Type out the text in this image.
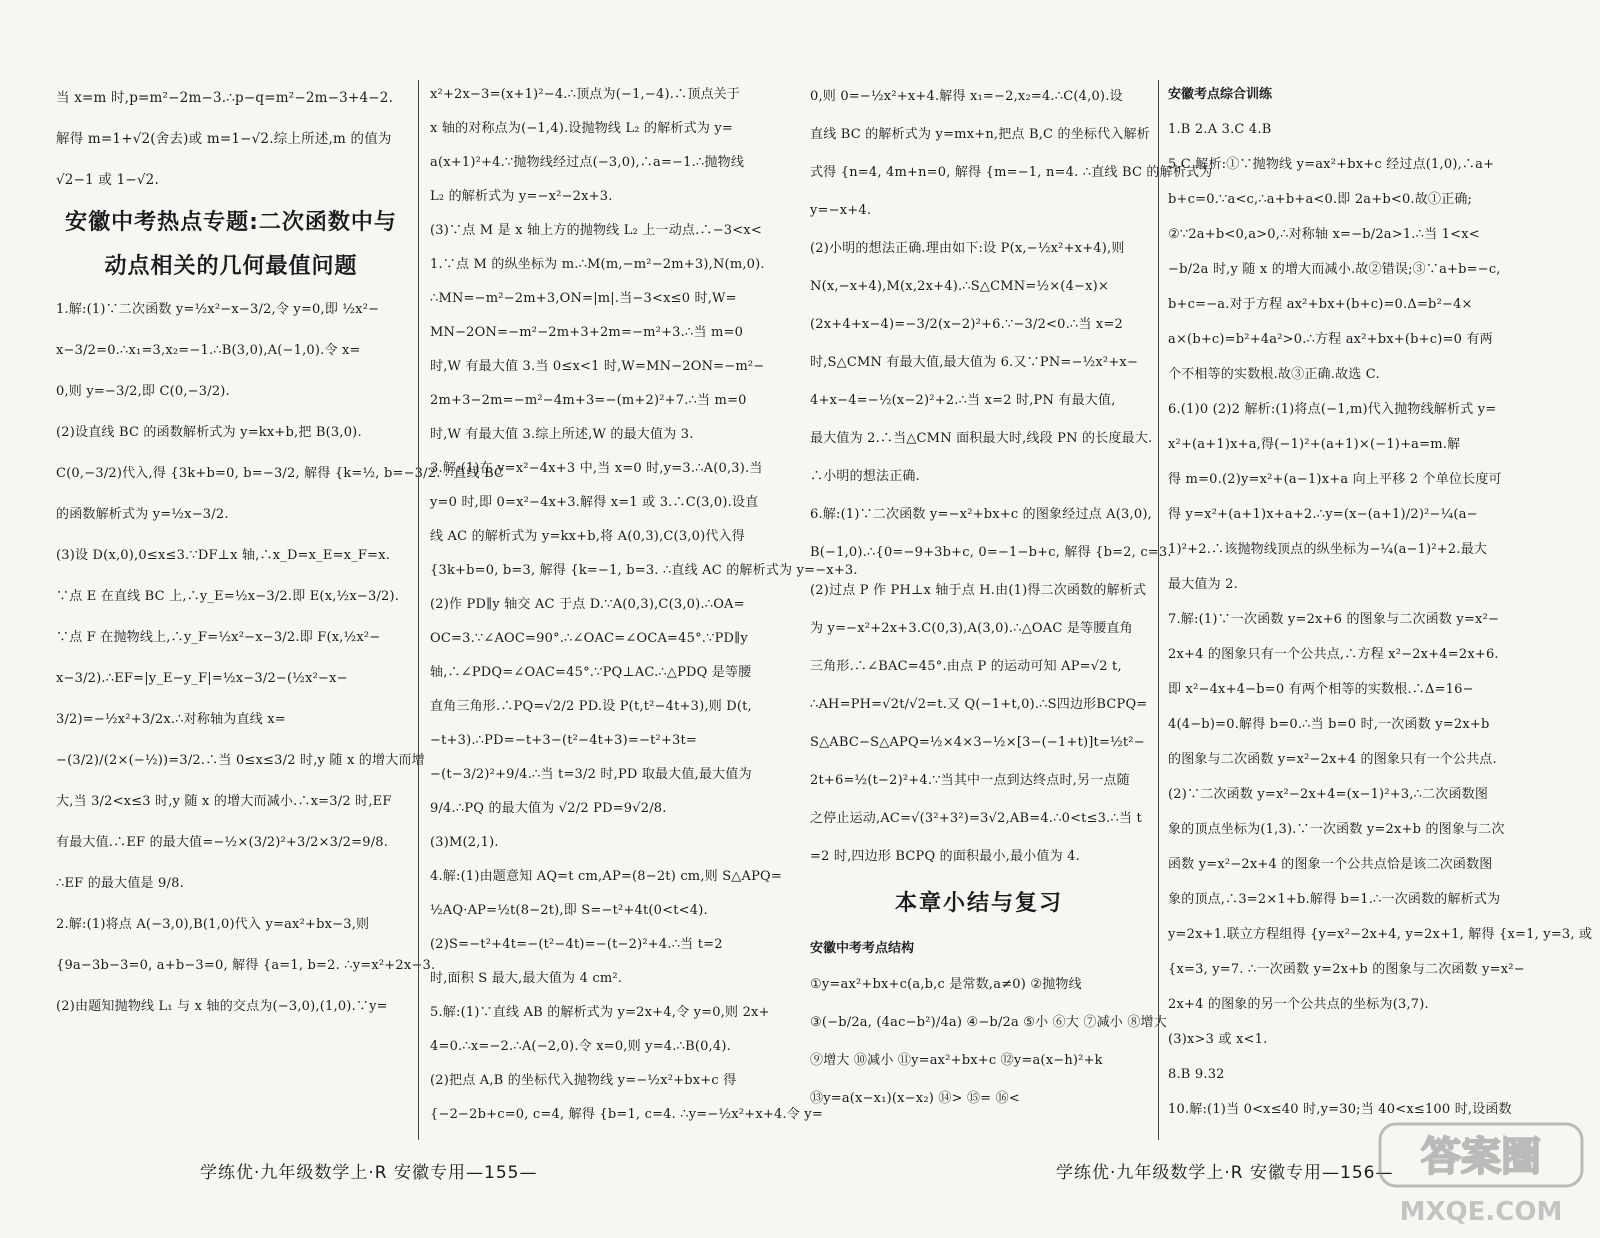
当 x=m 时,p=m²−2m−3.∴p−q=m²−2m−3+4−2.
解得 m=1+√2(舍去)或 m=1−√2.综上所述,m 的值为
√2−1 或 1−√2.
安徽中考热点专题:二次函数中与
动点相关的几何最值问题
1.解:(1)∵二次函数 y=½x²−x−3/2,令 y=0,即 ½x²−
x−3/2=0.∴x₁=3,x₂=−1.∴B(3,0),A(−1,0).令 x=
0,则 y=−3/2,即 C(0,−3/2).
(2)设直线 BC 的函数解析式为 y=kx+b,把 B(3,0).
C(0,−3/2)代入,得 {3k+b=0, b=−3/2, 解得 {k=½, b=−3/2. ∴直线 BC
的函数解析式为 y=½x−3/2.
(3)设 D(x,0),0≤x≤3.∵DF⊥x 轴,∴x_D=x_E=x_F=x.
∵点 E 在直线 BC 上,∴y_E=½x−3/2.即 E(x,½x−3/2).
∵点 F 在抛物线上,∴y_F=½x²−x−3/2.即 F(x,½x²−
x−3/2).∴EF=|y_E−y_F|=½x−3/2−(½x²−x−
3/2)=−½x²+3/2x.∴对称轴为直线 x=
−(3/2)/(2×(−½))=3/2.∴当 0≤x≤3/2 时,y 随 x 的增大而增
大,当 3/2<x≤3 时,y 随 x 的增大而减小.∴x=3/2 时,EF
有最大值.∴EF 的最大值=−½×(3/2)²+3/2×3/2=9/8.
∴EF 的最大值是 9/8.
2.解:(1)将点 A(−3,0),B(1,0)代入 y=ax²+bx−3,则
{9a−3b−3=0, a+b−3=0, 解得 {a=1, b=2. ∴y=x²+2x−3.
(2)由题知抛物线 L₁ 与 x 轴的交点为(−3,0),(1,0).∵y=
x²+2x−3=(x+1)²−4.∴顶点为(−1,−4).∴顶点关于
x 轴的对称点为(−1,4).设抛物线 L₂ 的解析式为 y=
a(x+1)²+4.∵抛物线经过点(−3,0),∴a=−1.∴抛物线
L₂ 的解析式为 y=−x²−2x+3.
(3)∵点 M 是 x 轴上方的抛物线 L₂ 上一动点.∴−3<x<
1.∵点 M 的纵坐标为 m.∴M(m,−m²−2m+3),N(m,0).
∴MN=−m²−2m+3,ON=|m|.当−3<x≤0 时,W=
MN−2ON=−m²−2m+3+2m=−m²+3.∴当 m=0
时,W 有最大值 3.当 0≤x<1 时,W=MN−2ON=−m²−
2m+3−2m=−m²−4m+3=−(m+2)²+7.∴当 m=0
时,W 有最大值 3.综上所述,W 的最大值为 3.
3.解:(1)在 y=x²−4x+3 中,当 x=0 时,y=3.∴A(0,3).当
y=0 时,即 0=x²−4x+3.解得 x=1 或 3.∴C(3,0).设直
线 AC 的解析式为 y=kx+b,将 A(0,3),C(3,0)代入得
{3k+b=0, b=3, 解得 {k=−1, b=3. ∴直线 AC 的解析式为 y=−x+3.
(2)作 PD∥y 轴交 AC 于点 D.∵A(0,3),C(3,0).∴OA=
OC=3.∵∠AOC=90°.∴∠OAC=∠OCA=45°.∵PD∥y
轴,∴∠PDQ=∠OAC=45°.∵PQ⊥AC.∴△PDQ 是等腰
直角三角形.∴PQ=√2/2 PD.设 P(t,t²−4t+3),则 D(t,
−t+3).∴PD=−t+3−(t²−4t+3)=−t²+3t=
−(t−3/2)²+9/4.∴当 t=3/2 时,PD 取最大值,最大值为
9/4.∴PQ 的最大值为 √2/2 PD=9√2/8.
(3)M(2,1).
4.解:(1)由题意知 AQ=t cm,AP=(8−2t) cm,则 S△APQ=
½AQ·AP=½t(8−2t),即 S=−t²+4t(0<t<4).
(2)S=−t²+4t=−(t²−4t)=−(t−2)²+4.∴当 t=2
时,面积 S 最大,最大值为 4 cm².
5.解:(1)∵直线 AB 的解析式为 y=2x+4,令 y=0,则 2x+
4=0.∴x=−2.∴A(−2,0).令 x=0,则 y=4.∴B(0,4).
(2)把点 A,B 的坐标代入抛物线 y=−½x²+bx+c 得
{−2−2b+c=0, c=4, 解得 {b=1, c=4. ∴y=−½x²+x+4.令 y=
学练优·九年级数学上·R 安徽专用—155—
0,则 0=−½x²+x+4.解得 x₁=−2,x₂=4.∴C(4,0).设
直线 BC 的解析式为 y=mx+n,把点 B,C 的坐标代入解析
式得 {n=4, 4m+n=0, 解得 {m=−1, n=4. ∴直线 BC 的解析式为
y=−x+4.
(2)小明的想法正确.理由如下:设 P(x,−½x²+x+4),则
N(x,−x+4),M(x,2x+4).∴S△CMN=½×(4−x)×
(2x+4+x−4)=−3/2(x−2)²+6.∵−3/2<0.∴当 x=2
时,S△CMN 有最大值,最大值为 6.又∵PN=−½x²+x−
4+x−4=−½(x−2)²+2.∴当 x=2 时,PN 有最大值,
最大值为 2.∴当△CMN 面积最大时,线段 PN 的长度最大.
∴小明的想法正确.
6.解:(1)∵二次函数 y=−x²+bx+c 的图象经过点 A(3,0),
B(−1,0).∴{0=−9+3b+c, 0=−1−b+c, 解得 {b=2, c=3.
(2)过点 P 作 PH⊥x 轴于点 H.由(1)得二次函数的解析式
为 y=−x²+2x+3.C(0,3),A(3,0).∴△OAC 是等腰直角
三角形.∴∠BAC=45°.由点 P 的运动可知 AP=√2 t,
∴AH=PH=√2t/√2=t.又 Q(−1+t,0).∴S四边形BCPQ=
S△ABC−S△APQ=½×4×3−½×[3−(−1+t)]t=½t²−
2t+6=½(t−2)²+4.∵当其中一点到达终点时,另一点随
之停止运动,AC=√(3²+3²)=3√2,AB=4.∴0<t≤3.∴当 t
=2 时,四边形 BCPQ 的面积最小,最小值为 4.
本章小结与复习
安徽中考考点结构
①y=ax²+bx+c(a,b,c 是常数,a≠0) ②抛物线
③(−b/2a, (4ac−b²)/4a) ④−b/2a ⑤小 ⑥大 ⑦减小 ⑧增大
⑨增大 ⑩减小 ⑪y=ax²+bx+c ⑫y=a(x−h)²+k
⑬y=a(x−x₁)(x−x₂) ⑭> ⑮= ⑯<
安徽考点综合训练
1.B 2.A 3.C 4.B
5.C 解析:①∵抛物线 y=ax²+bx+c 经过点(1,0),∴a+
b+c=0.∵a<c,∴a+b+a<0.即 2a+b<0.故①正确;
②∵2a+b<0,a>0,∴对称轴 x=−b/2a>1.∴当 1<x<
−b/2a 时,y 随 x 的增大而减小.故②错误;③∵a+b=−c,
b+c=−a.对于方程 ax²+bx+(b+c)=0.Δ=b²−4×
a×(b+c)=b²+4a²>0.∴方程 ax²+bx+(b+c)=0 有两
个不相等的实数根.故③正确.故选 C.
6.(1)0 (2)2 解析:(1)将点(−1,m)代入抛物线解析式 y=
x²+(a+1)x+a,得(−1)²+(a+1)×(−1)+a=m.解
得 m=0.(2)y=x²+(a−1)x+a 向上平移 2 个单位长度可
得 y=x²+(a+1)x+a+2.∴y=(x−(a+1)/2)²−¼(a−
1)²+2.∴该抛物线顶点的纵坐标为−¼(a−1)²+2.最大
最大值为 2.
7.解:(1)∵一次函数 y=2x+6 的图象与二次函数 y=x²−
2x+4 的图象只有一个公共点,∴方程 x²−2x+4=2x+6.
即 x²−4x+4−b=0 有两个相等的实数根.∴Δ=16−
4(4−b)=0.解得 b=0.∴当 b=0 时,一次函数 y=2x+b
的图象与二次函数 y=x²−2x+4 的图象只有一个公共点.
(2)∵二次函数 y=x²−2x+4=(x−1)²+3,∴二次函数图
象的顶点坐标为(1,3).∵一次函数 y=2x+b 的图象与二次
函数 y=x²−2x+4 的图象一个公共点恰是该二次函数图
象的顶点,∴3=2×1+b.解得 b=1.∴一次函数的解析式为
y=2x+1.联立方程组得 {y=x²−2x+4, y=2x+1, 解得 {x=1, y=3, 或
{x=3, y=7. ∴一次函数 y=2x+b 的图象与二次函数 y=x²−
2x+4 的图象的另一个公共点的坐标为(3,7).
(3)x>3 或 x<1.
8.B 9.32
10.解:(1)当 0<x≤40 时,y=30;当 40<x≤100 时,设函数
学练优·九年级数学上·R 安徽专用—156— 答案圈
MXQE.COM
